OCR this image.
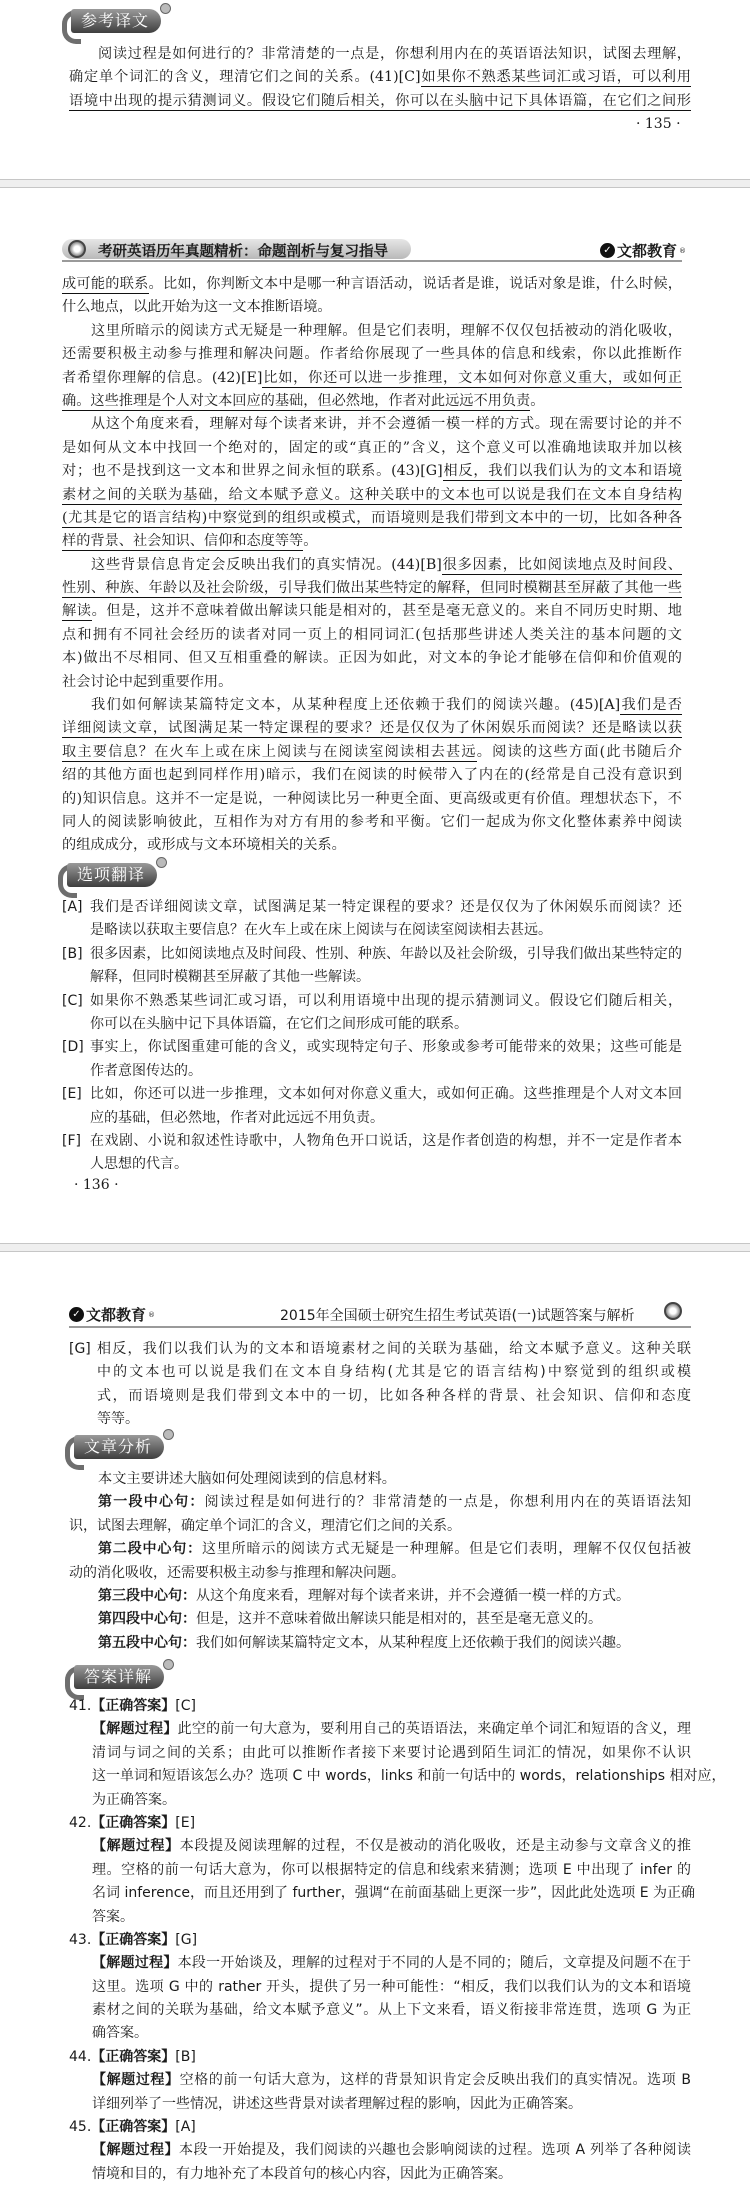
参考译文
阅读过程是如何进行的？非常清楚的一点是，你想利用内在的英语语法知识，试图去理解，
确定单个词汇的含义，理清它们之间的关系。(41)[C]如果你不熟悉某些词汇或习语，可以利用
语境中出现的提示猜测词义。假设它们随后相关，你可以在头脑中记下具体语篇，在它们之间形
· 135 ·
考研英语历年真题精析：命题剖析与复习指导	✓ 文都教育 ®
成可能的联系。比如，你判断文本中是哪一种言语活动，说话者是谁，说话对象是谁，什么时候，
什么地点，以此开始为这一文本推断语境。
这里所暗示的阅读方式无疑是一种理解。但是它们表明，理解不仅仅包括被动的消化吸收，
还需要积极主动参与推理和解决问题。作者给你展现了一些具体的信息和线索，你以此推断作
者希望你理解的信息。(42)[E]比如，你还可以进一步推理，文本如何对你意义重大，或如何正
确。这些推理是个人对文本回应的基础，但必然地，作者对此远远不用负责。
从这个角度来看，理解对每个读者来讲，并不会遵循一模一样的方式。现在需要讨论的并不
是如何从文本中找回一个绝对的，固定的或“真正的”含义，这个意义可以准确地读取并加以核
对；也不是找到这一文本和世界之间永恒的联系。(43)[G]相反，我们以我们认为的文本和语境
素材之间的关联为基础，给文本赋予意义。这种关联中的文本也可以说是我们在文本自身结构
(尤其是它的语言结构)中察觉到的组织或模式，而语境则是我们带到文本中的一切，比如各种各
样的背景、社会知识、信仰和态度等等。
这些背景信息肯定会反映出我们的真实情况。(44)[B]很多因素，比如阅读地点及时间段、
性别、种族、年龄以及社会阶级，引导我们做出某些特定的解释，但同时模糊甚至屏蔽了其他一些
解读。但是，这并不意味着做出解读只能是相对的，甚至是毫无意义的。来自不同历史时期、地
点和拥有不同社会经历的读者对同一页上的相同词汇(包括那些讲述人类关注的基本问题的文
本)做出不尽相同、但又互相重叠的解读。正因为如此，对文本的争论才能够在信仰和价值观的
社会讨论中起到重要作用。
我们如何解读某篇特定文本，从某种程度上还依赖于我们的阅读兴趣。(45)[A]我们是否
详细阅读文章，试图满足某一特定课程的要求？还是仅仅为了休闲娱乐而阅读？还是略读以获
取主要信息？在火车上或在床上阅读与在阅读室阅读相去甚远。阅读的这些方面(此书随后介
绍的其他方面也起到同样作用)暗示，我们在阅读的时候带入了内在的(经常是自己没有意识到
的)知识信息。这并不一定是说，一种阅读比另一种更全面、更高级或更有价值。理想状态下，不
同人的阅读影响彼此，互相作为对方有用的参考和平衡。它们一起成为你文化整体素养中阅读
的组成成分，或形成与文本环境相关的关系。
选项翻译
[A] 我们是否详细阅读文章，试图满足某一特定课程的要求？还是仅仅为了休闲娱乐而阅读？还
是略读以获取主要信息？在火车上或在床上阅读与在阅读室阅读相去甚远。
[B] 很多因素，比如阅读地点及时间段、性别、种族、年龄以及社会阶级，引导我们做出某些特定的
解释，但同时模糊甚至屏蔽了其他一些解读。
[C] 如果你不熟悉某些词汇或习语，可以利用语境中出现的提示猜测词义。假设它们随后相关，
你可以在头脑中记下具体语篇，在它们之间形成可能的联系。
[D] 事实上，你试图重建可能的含义，或实现特定句子、形象或参考可能带来的效果；这些可能是
作者意图传达的。
[E] 比如，你还可以进一步推理，文本如何对你意义重大，或如何正确。这些推理是个人对文本回
应的基础，但必然地，作者对此远远不用负责。
[F] 在戏剧、小说和叙述性诗歌中，人物角色开口说话，这是作者创造的构想，并不一定是作者本
人思想的代言。
· 136 ·
✓ 文都教育 ®	2015年全国硕士研究生招生考试英语(一)试题答案与解析
[G] 相反，我们以我们认为的文本和语境素材之间的关联为基础，给文本赋予意义。这种关联
中的文本也可以说是我们在文本自身结构(尤其是它的语言结构)中察觉到的组织或模
式，而语境则是我们带到文本中的一切，比如各种各样的背景、社会知识、信仰和态度
等等。
文章分析
本文主要讲述大脑如何处理阅读到的信息材料。
第一段中心句：阅读过程是如何进行的？非常清楚的一点是，你想利用内在的英语语法知
识，试图去理解，确定单个词汇的含义，理清它们之间的关系。
第二段中心句：这里所暗示的阅读方式无疑是一种理解。但是它们表明，理解不仅仅包括被
动的消化吸收，还需要积极主动参与推理和解决问题。
第三段中心句：从这个角度来看，理解对每个读者来讲，并不会遵循一模一样的方式。
第四段中心句：但是，这并不意味着做出解读只能是相对的，甚至是毫无意义的。
第五段中心句：我们如何解读某篇特定文本，从某种程度上还依赖于我们的阅读兴趣。
答案详解
41.【正确答案】[C]
【解题过程】此空的前一句大意为，要利用自己的英语语法，来确定单个词汇和短语的含义，理
清词与词之间的关系；由此可以推断作者接下来要讨论遇到陌生词汇的情况，如果你不认识
这一单词和短语该怎么办？选项 C 中 words，links 和前一句话中的 words，relationships 相对应，
为正确答案。
42.【正确答案】[E]
【解题过程】本段提及阅读理解的过程，不仅是被动的消化吸收，还是主动参与文章含义的推
理。空格的前一句话大意为，你可以根据特定的信息和线索来猜测；选项 E 中出现了 infer 的
名词 inference，而且还用到了 further，强调“在前面基础上更深一步”，因此此处选项 E 为正确
答案。
43.【正确答案】[G]
【解题过程】本段一开始谈及，理解的过程对于不同的人是不同的；随后，文章提及问题不在于
这里。选项 G 中的 rather 开头，提供了另一种可能性：“相反，我们以我们认为的文本和语境
素材之间的关联为基础，给文本赋予意义”。从上下文来看，语义衔接非常连贯，选项 G 为正
确答案。
44.【正确答案】[B]
【解题过程】空格的前一句话大意为，这样的背景知识肯定会反映出我们的真实情况。选项 B
详细列举了一些情况，讲述这些背景对读者理解过程的影响，因此为正确答案。
45.【正确答案】[A]
【解题过程】本段一开始提及，我们阅读的兴趣也会影响阅读的过程。选项 A 列举了各种阅读
情境和目的，有力地补充了本段首句的核心内容，因此为正确答案。
